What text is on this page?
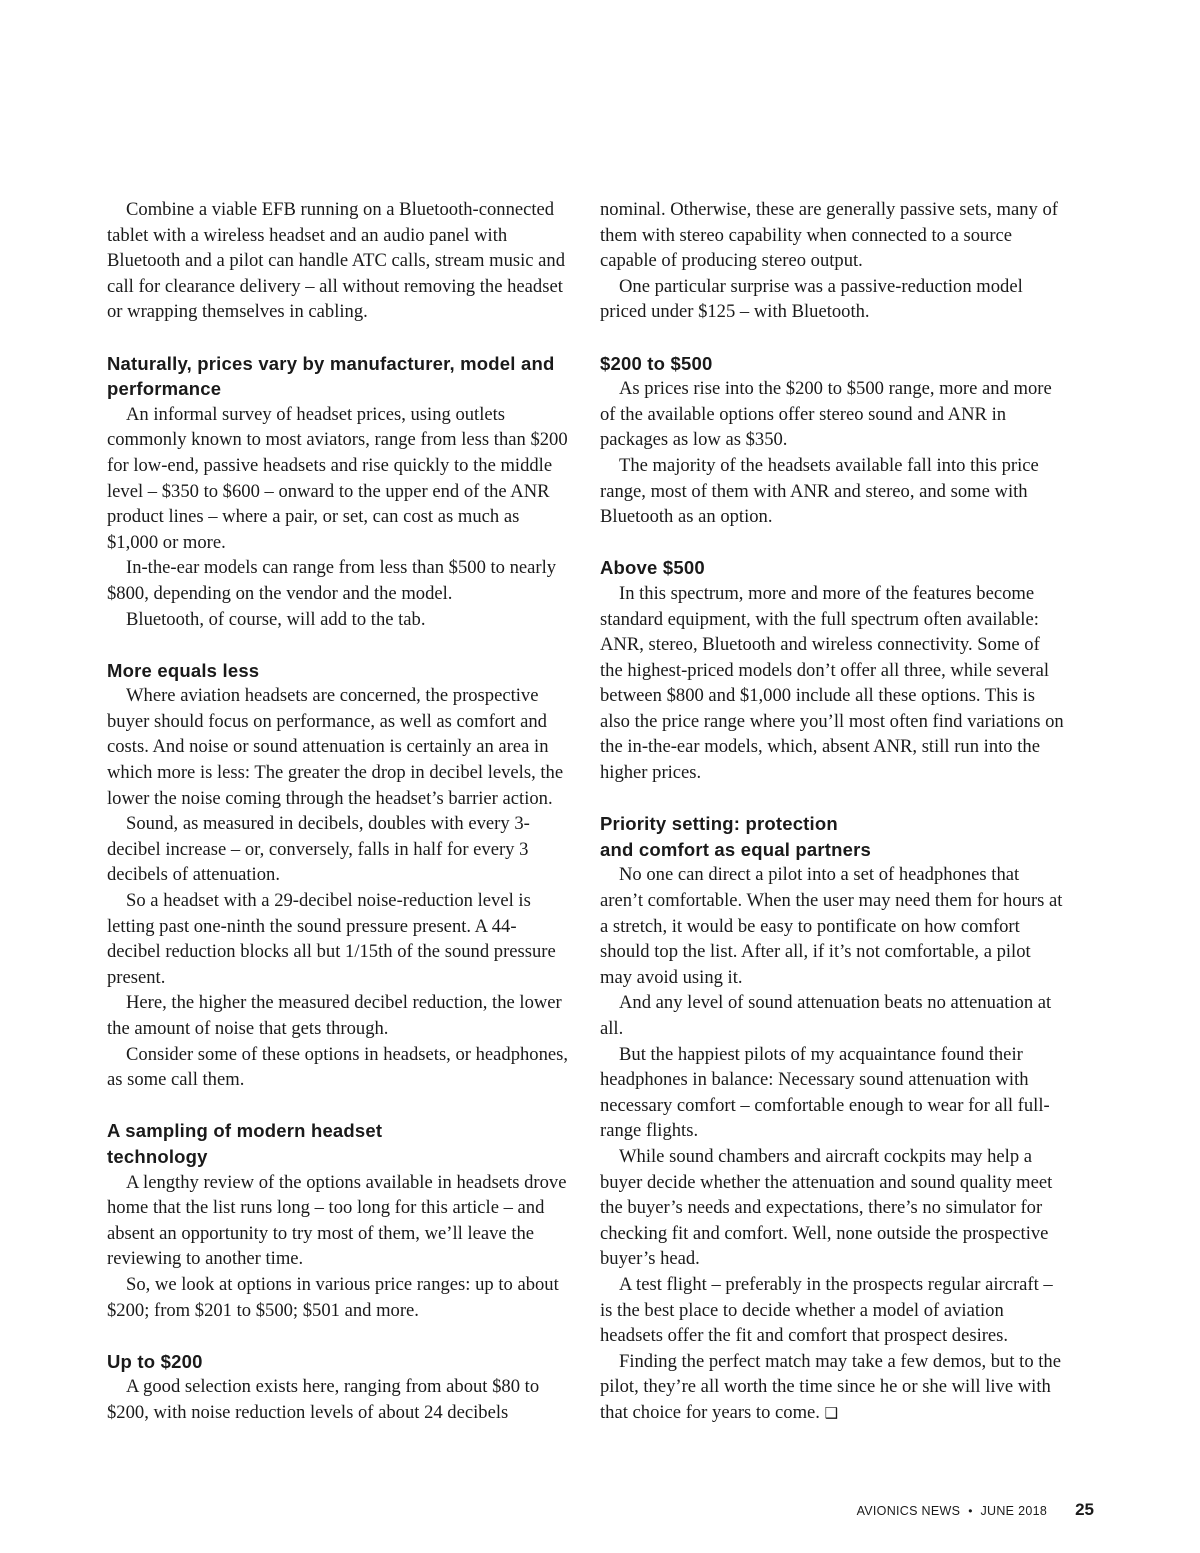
Combine a viable EFB running on a Bluetooth-connected tablet with a wireless headset and an audio panel with Bluetooth and a pilot can handle ATC calls, stream music and call for clearance delivery – all without removing the headset or wrapping themselves in cabling.

Naturally, prices vary by manufacturer, model and performance

An informal survey of headset prices, using outlets commonly known to most aviators, range from less than $200 for low-end, passive headsets and rise quickly to the middle level – $350 to $600 – onward to the upper end of the ANR product lines – where a pair, or set, can cost as much as $1,000 or more.

In-the-ear models can range from less than $500 to nearly $800, depending on the vendor and the model.

Bluetooth, of course, will add to the tab.

More equals less

Where aviation headsets are concerned, the prospective buyer should focus on performance, as well as comfort and costs. And noise or sound attenuation is certainly an area in which more is less: The greater the drop in decibel levels, the lower the noise coming through the headset’s barrier action.

Sound, as measured in decibels, doubles with every 3-decibel increase – or, conversely, falls in half for every 3 decibels of attenuation.

So a headset with a 29-decibel noise-reduction level is letting past one-ninth the sound pressure present. A 44-decibel reduction blocks all but 1/15th of the sound pressure present.

Here, the higher the measured decibel reduction, the lower the amount of noise that gets through.

Consider some of these options in headsets, or headphones, as some call them.

A sampling of modern headset
technology

A lengthy review of the options available in headsets drove home that the list runs long – too long for this article – and absent an opportunity to try most of them, we’ll leave the reviewing to another time.

So, we look at options in various price ranges: up to about $200; from $201 to $500; $501 and more.

Up to $200

A good selection exists here, ranging from about $80 to $200, with noise reduction levels of about 24 decibels

nominal. Otherwise, these are generally passive sets, many of them with stereo capability when connected to a source capable of producing stereo output.

One particular surprise was a passive-reduction model priced under $125 – with Bluetooth.

$200 to $500

As prices rise into the $200 to $500 range, more and more of the available options offer stereo sound and ANR in packages as low as $350.

The majority of the headsets available fall into this price range, most of them with ANR and stereo, and some with Bluetooth as an option.

Above $500

In this spectrum, more and more of the features become standard equipment, with the full spectrum often available: ANR, stereo, Bluetooth and wireless connectivity. Some of the highest-priced models don’t offer all three, while several between $800 and $1,000 include all these options. This is also the price range where you’ll most often find variations on the in-the-ear models, which, absent ANR, still run into the higher prices.

Priority setting: protection
and comfort as equal partners

No one can direct a pilot into a set of headphones that aren’t comfortable. When the user may need them for hours at a stretch, it would be easy to pontificate on how comfort should top the list. After all, if it’s not comfortable, a pilot may avoid using it.

And any level of sound attenuation beats no attenuation at all.

But the happiest pilots of my acquaintance found their headphones in balance: Necessary sound attenuation with necessary comfort – comfortable enough to wear for all full-range flights.

While sound chambers and aircraft cockpits may help a buyer decide whether the attenuation and sound quality meet the buyer’s needs and expectations, there’s no simulator for checking fit and comfort. Well, none outside the prospective buyer’s head.

A test flight – preferably in the prospects regular aircraft – is the best place to decide whether a model of aviation headsets offer the fit and comfort that prospect desires.

Finding the perfect match may take a few demos, but to the pilot, they’re all worth the time since he or she will live with that choice for years to come. ❑

AVIONICS NEWS • JUNE 2018 25
